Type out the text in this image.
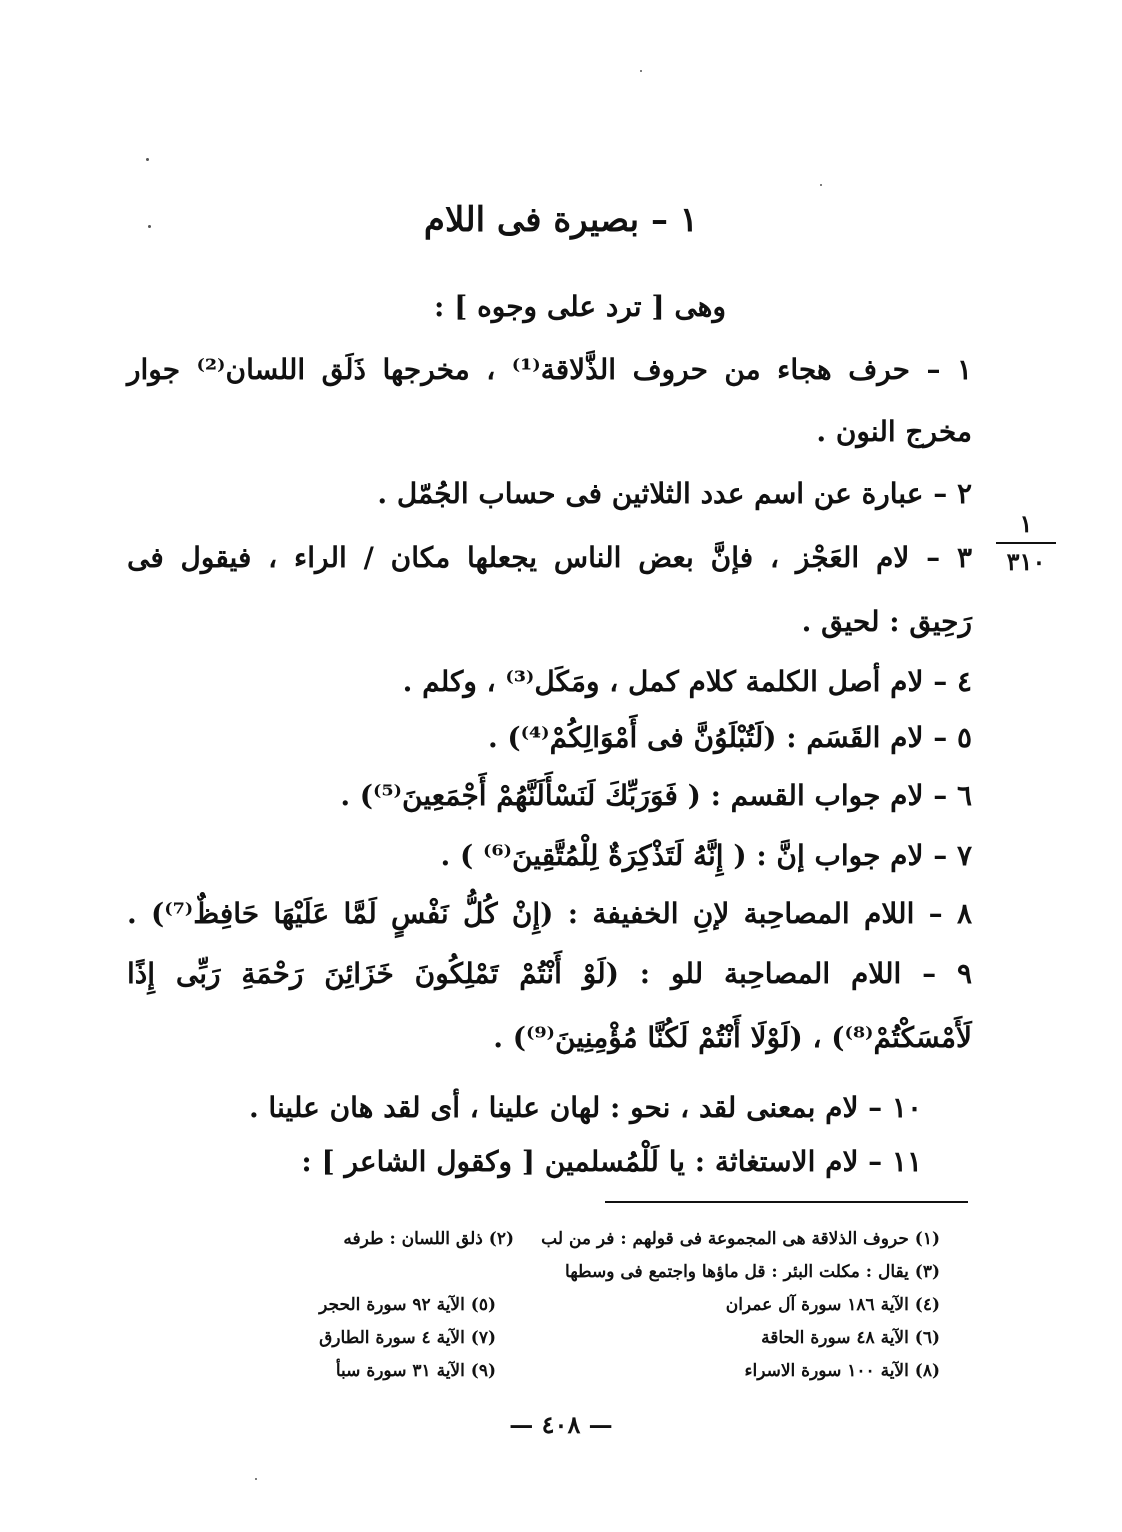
١ – بصيرة فى اللام
وهى [ ترد على وجوه ] :
١
٣١٠
١ – حرف هجاء من حروف الذَّلاقة⁽¹⁾ ، مخرجها ذَلَق اللسان⁽²⁾ جوار
مخرج النون .
٢ – عبارة عن اسم عدد الثلاثين فى حساب الجُمّل .
٣ – لام العَجْز ، فإنَّ بعض الناس يجعلها مكان / الراء ، فيقول فى
رَحِيق : لحيق .
٤ – لام أصل الكلمة كلام كمل ، ومَكَل⁽³⁾ ، وكلم .
٥ – لام القَسَم : (لَتُبْلَوُنَّ فى أَمْوَالِكُمْ⁽⁴⁾) .
٦ – لام جواب القسم : ( فَوَرَبِّكَ لَنَسْأَلَنَّهُمْ أَجْمَعِينَ⁽⁵⁾) .
٧ – لام جواب إنَّ : ( إِنَّهُ لَتَذْكِرَةٌ لِلْمُتَّقِينَ⁽⁶⁾ ) .
٨ – اللام المصاحِبة لإنِ الخفيفة : (إِنْ كُلُّ نَفْسٍ لَمَّا عَلَيْهَا حَافِظٌ⁽⁷⁾) .
٩ – اللام المصاحِبة للو : (لَوْ أَنْتُمْ تَمْلِكُونَ خَزَائِنَ رَحْمَةِ رَبِّى إِذًا
لَأَمْسَكْتُمْ⁽⁸⁾) ، (لَوْلَا أَنْتُمْ لَكُنَّا مُؤْمِنِينَ⁽⁹⁾) .
١٠ – لام بمعنى لقد ، نحو : لهان علينا ، أى لقد هان علينا .
١١ – لام الاستغاثة : يا لَلْمُسلمين [ وكقول الشاعر ] :
(١) حروف الذلاقة هى المجموعة فى قولهم : فر من لب
(٢) ذلق اللسان : طرفه
(٣) يقال : مكلت البئر : قل ماؤها واجتمع فى وسطها
(٤) الآية ١٨٦ سورة آل عمران
(٥) الآية ٩٢ سورة الحجر
(٦) الآية ٤٨ سورة الحاقة
(٧) الآية ٤ سورة الطارق
(٨) الآية ١٠٠ سورة الاسراء
(٩) الآية ٣١ سورة سبأ
— ٤٠٨ —
